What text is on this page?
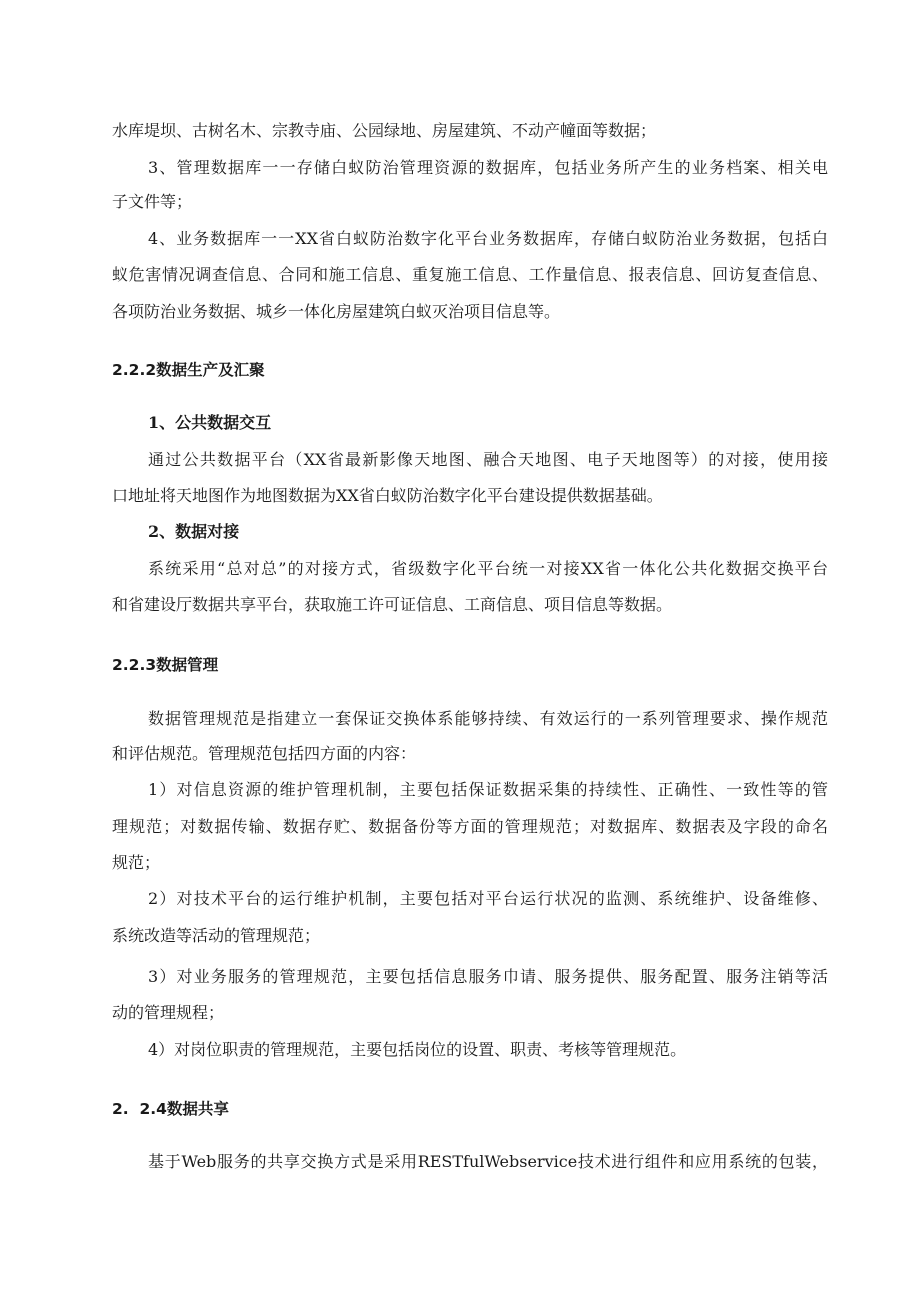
水库堤坝、古树名木、宗教寺庙、公园绿地、房屋建筑、不动产幢面等数据；
3、管理数据库一一存储白蚁防治管理资源的数据库，包括业务所产生的业务档案、相关电
子文件等；
4、业务数据库一一XX省白蚁防治数字化平台业务数据库，存储白蚁防治业务数据，包括白
蚁危害情况调查信息、合同和施工信息、重复施工信息、工作量信息、报表信息、回访复查信息、
各项防治业务数据、城乡一体化房屋建筑白蚁灭治项目信息等。
2.2.2数据生产及汇聚
1、公共数据交互
通过公共数据平台（XX省最新影像天地图、融合天地图、电子天地图等）的对接，使用接
口地址将天地图作为地图数据为XX省白蚁防治数字化平台建设提供数据基础。
2、数据对接
系统采用“总对总”的对接方式，省级数字化平台统一对接XX省一体化公共化数据交换平台
和省建设厅数据共享平台，获取施工许可证信息、工商信息、项目信息等数据。
2.2.3数据管理
数据管理规范是指建立一套保证交换体系能够持续、有效运行的一系列管理要求、操作规范
和评估规范。管理规范包括四方面的内容：
1）对信息资源的维护管理机制，主要包括保证数据采集的持续性、正确性、一致性等的管
理规范；对数据传输、数据存贮、数据备份等方面的管理规范；对数据库、数据表及字段的命名
规范；
2）对技术平台的运行维护机制，主要包括对平台运行状况的监测、系统维护、设备维修、
系统改造等活动的管理规范；
3）对业务服务的管理规范，主要包括信息服务巾请、服务提供、服务配置、服务注销等活
动的管理规程；
4）对岗位职责的管理规范，主要包括岗位的设置、职责、考核等管理规范。
2.  2.4数据共享
基于Web服务的共享交换方式是采用RESTfulWebservice技术进行组件和应用系统的包装，
